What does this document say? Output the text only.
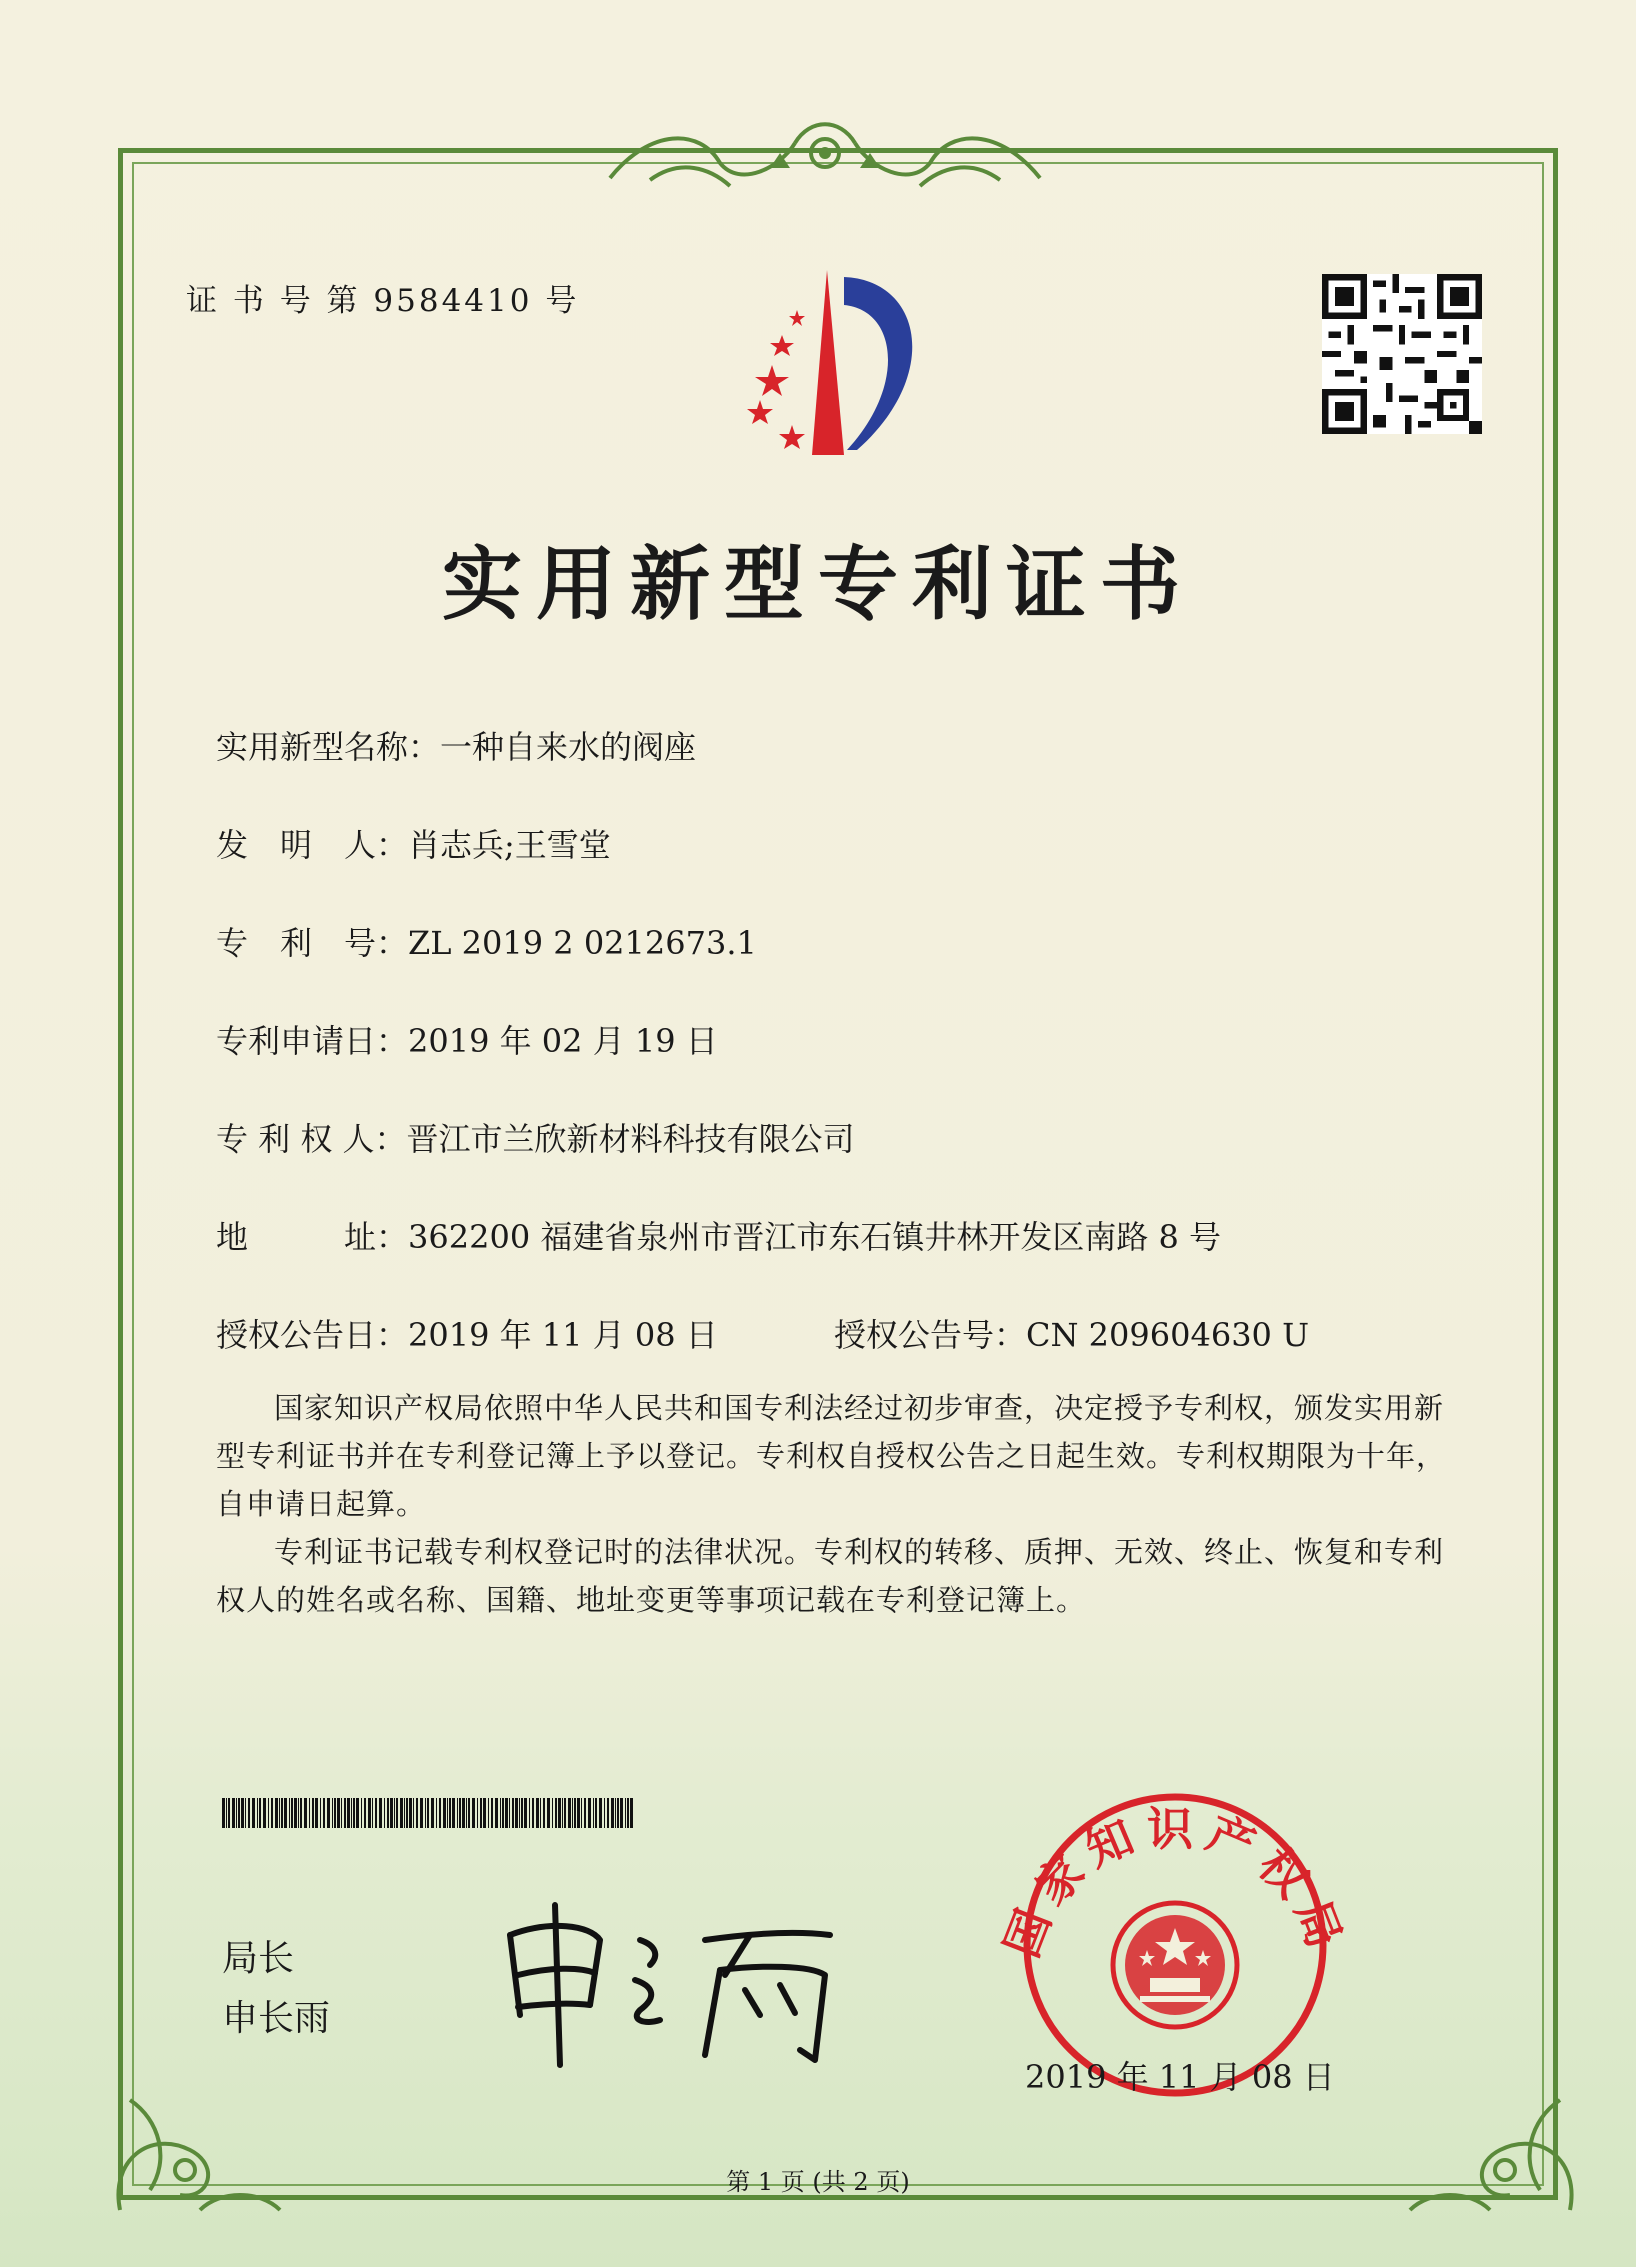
证 书 号 第 9584410 号
实用新型专利证书
实用新型名称：一种自来水的阀座
发　明　人：肖志兵;王雪堂
专　利　号：ZL 2019 2 0212673.1
专利申请日：2019 年 02 月 19 日
专 利 权 人：晋江市兰欣新材料科技有限公司
地　　　址：362200 福建省泉州市晋江市东石镇井林开发区南路 8 号
授权公告日：2019 年 11 月 08 日	授权公告号：CN 209604630 U
国家知识产权局依照中华人民共和国专利法经过初步审查，决定授予专利权，颁发实用新型专利证书并在专利登记簿上予以登记。专利权自授权公告之日起生效。专利权期限为十年，自申请日起算。
专利证书记载专利权登记时的法律状况。专利权的转移、质押、无效、终止、恢复和专利权人的姓名或名称、国籍、地址变更等事项记载在专利登记簿上。
局长
申长雨
国家知识产权局
2019 年 11 月 08 日
第 1 页 (共 2 页)
